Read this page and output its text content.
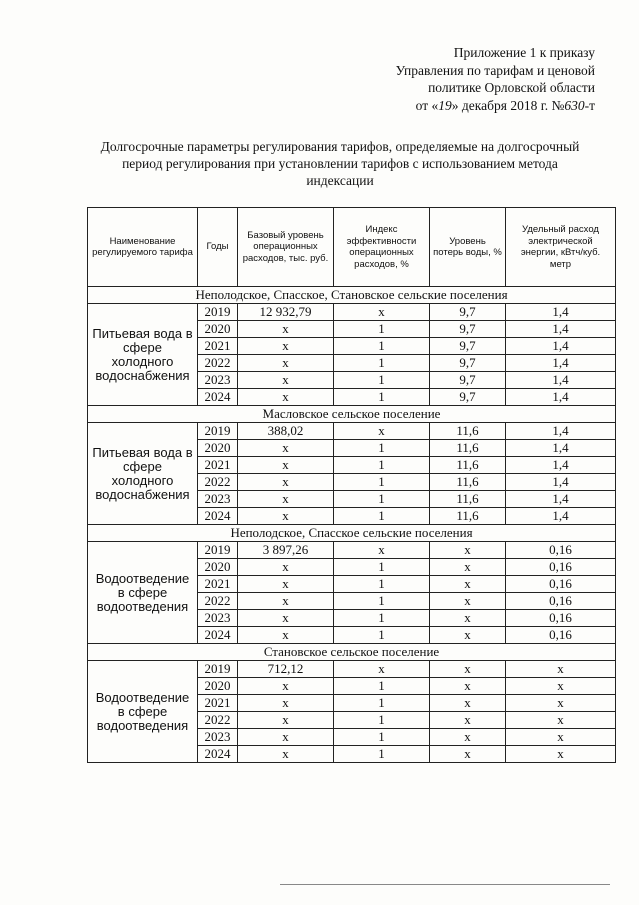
Приложение 1 к приказу
Управления по тарифам и ценовой
политике Орловской области
от «19» декабря 2018 г. №630-т
Долгосрочные параметры регулирования тарифов, определяемые на долгосрочный
период регулирования при установлении тарифов с использованием метода
индексации
Наименование регулируемого тарифа	Годы	Базовый уровень операционных расходов, тыс. руб.	Индекс эффективности операционных расходов, %	Уровень потерь воды, %	Удельный расход электрической энергии, кВтч/куб. метр
Неполодское, Спасское, Становское сельские поселения					
Питьевая вода в сфере холодного водоснабжения	2019	12 932,79	х	9,7	1,4
	2020	х	1	9,7	1,4
	2021	х	1	9,7	1,4
	2022	х	1	9,7	1,4
	2023	х	1	9,7	1,4
	2024	х	1	9,7	1,4
Масловское сельское поселение					
Питьевая вода в сфере холодного водоснабжения	2019	388,02	х	11,6	1,4
	2020	х	1	11,6	1,4
	2021	х	1	11,6	1,4
	2022	х	1	11,6	1,4
	2023	х	1	11,6	1,4
	2024	х	1	11,6	1,4
Неполодское, Спасское сельские поселения					
Водоотведение в сфере водоотведения	2019	3 897,26	х	х	0,16
	2020	х	1	х	0,16
	2021	х	1	х	0,16
	2022	х	1	х	0,16
	2023	х	1	х	0,16
	2024	х	1	х	0,16
Становское сельское поселение					
Водоотведение в сфере водоотведения	2019	712,12	х	х	х
	2020	х	1	х	х
	2021	х	1	х	х
	2022	х	1	х	х
	2023	х	1	х	х
	2024	х	1	х	х
